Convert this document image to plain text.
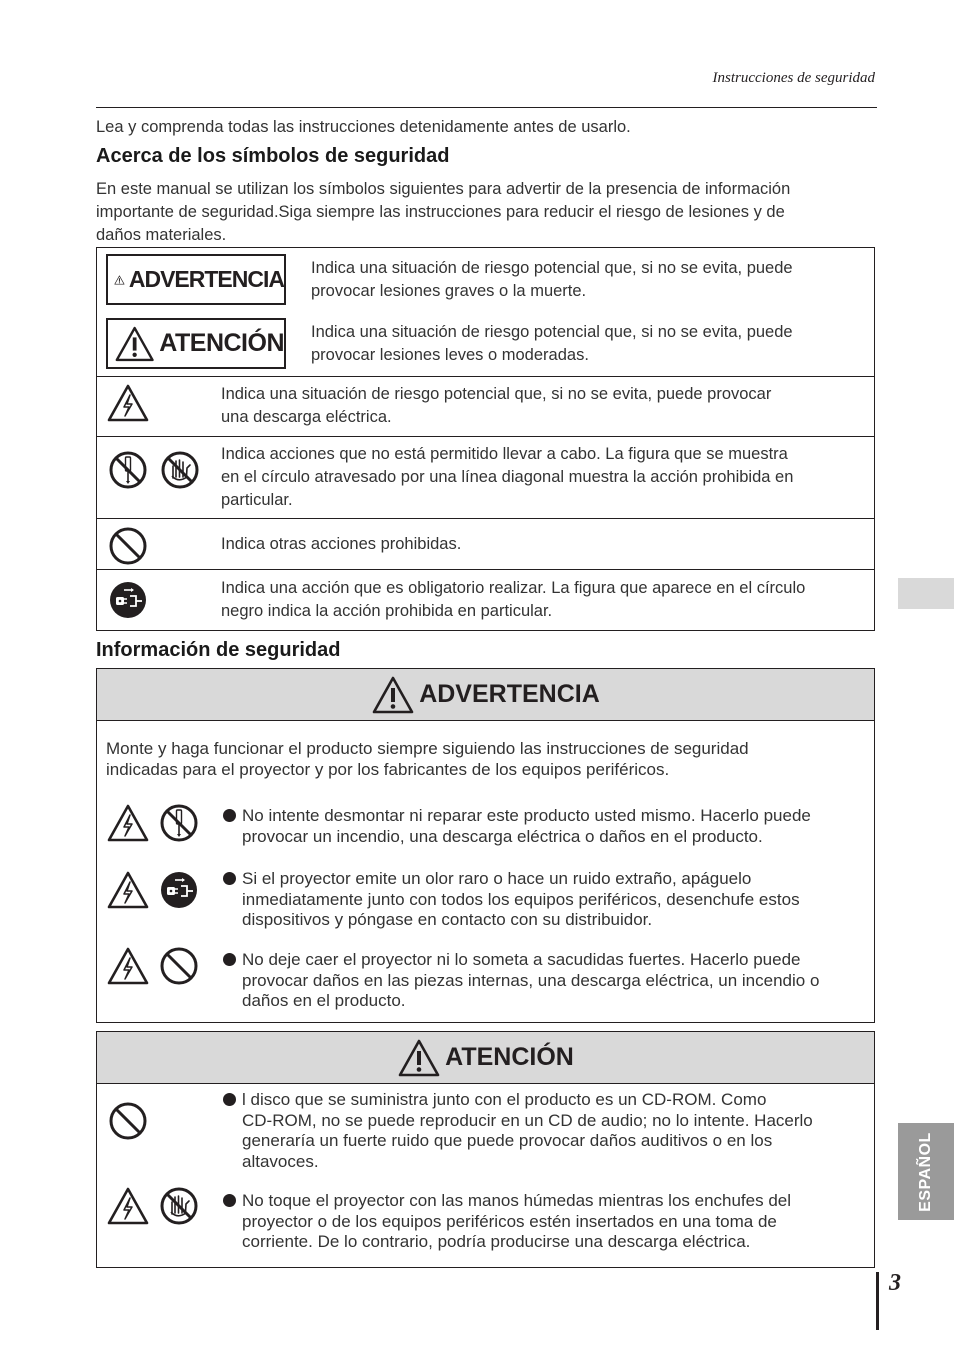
Instrucciones de seguridad
Lea y comprenda todas las instrucciones detenidamente antes de usarlo.
Acerca de los símbolos de seguridad
En este manual se utilizan los símbolos siguientes para advertir de la presencia de información
importante de seguridad.Siga siempre las instrucciones para reducir el riesgo de lesiones y de
daños materiales.
ADVERTENCIA Indica una situación de riesgo potencial que, si no se evita, puede
provocar lesiones graves o la muerte.
ATENCIÓN Indica una situación de riesgo potencial que, si no se evita, puede
provocar lesiones leves o moderadas.
Indica una situación de riesgo potencial que, si no se evita, puede provocar
una descarga eléctrica.
Indica acciones que no está permitido llevar a cabo. La figura que se muestra
en el círculo atravesado por una línea diagonal muestra la acción prohibida en
particular.
Indica otras acciones prohibidas.
Indica una acción que es obligatorio realizar. La figura que aparece en el círculo
negro indica la acción prohibida en particular.
Información de seguridad
ADVERTENCIA
Monte y haga funcionar el producto siempre siguiendo las instrucciones de seguridad
indicadas para el proyector y por los fabricantes de los equipos periféricos.
No intente desmontar ni reparar este producto usted mismo. Hacerlo puede
provocar un incendio, una descarga eléctrica o daños en el producto.
Si el proyector emite un olor raro o hace un ruido extraño, apáguelo
inmediatamente junto con todos los equipos periféricos, desenchufe estos
dispositivos y póngase en contacto con su distribuidor.
No deje caer el proyector ni lo someta a sacudidas fuertes. Hacerlo puede
provocar daños en las piezas internas, una descarga eléctrica, un incendio o
daños en el producto.
ATENCIÓN
l disco que se suministra junto con el producto es un CD-ROM. Como
CD-ROM, no se puede reproducir en un CD de audio; no lo intente. Hacerlo
generaría un fuerte ruido que puede provocar daños auditivos o en los
altavoces.
No toque el proyector con las manos húmedas mientras los enchufes del
proyector o de los equipos periféricos estén insertados en una toma de
corriente. De lo contrario, podría producirse una descarga eléctrica.
ESPAÑOL
3
